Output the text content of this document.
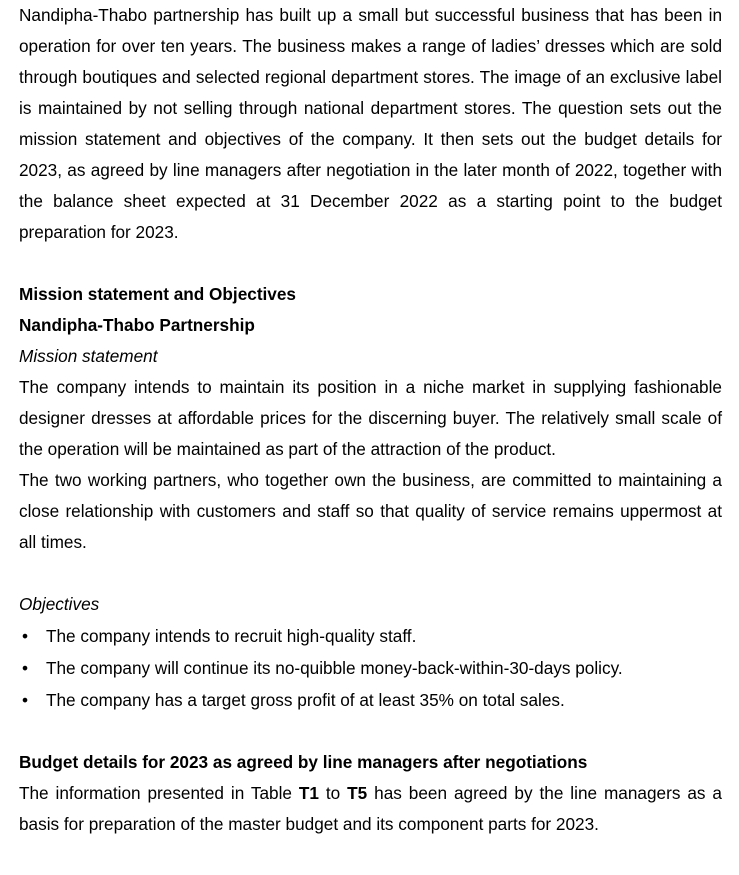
Nandipha-Thabo partnership has built up a small but successful business that has been in operation for over ten years. The business makes a range of ladies’ dresses which are sold through boutiques and selected regional department stores. The image of an exclusive label is maintained by not selling through national department stores. The question sets out the mission statement and objectives of the company. It then sets out the budget details for 2023, as agreed by line managers after negotiation in the later month of 2022, together with the balance sheet expected at 31 December 2022 as a starting point to the budget preparation for 2023.

Mission statement and Objectives

Nandipha-Thabo Partnership

Mission statement

The company intends to maintain its position in a niche market in supplying fashionable designer dresses at affordable prices for the discerning buyer. The relatively small scale of the operation will be maintained as part of the attraction of the product.

The two working partners, who together own the business, are committed to maintaining a close relationship with customers and staff so that quality of service remains uppermost at all times.

Objectives

• The company intends to recruit high-quality staff.
• The company will continue its no-quibble money-back-within-30-days policy.
• The company has a target gross profit of at least 35% on total sales.

Budget details for 2023 as agreed by line managers after negotiations

The information presented in Table T1 to T5 has been agreed by the line managers as a basis for preparation of the master budget and its component parts for 2023.
